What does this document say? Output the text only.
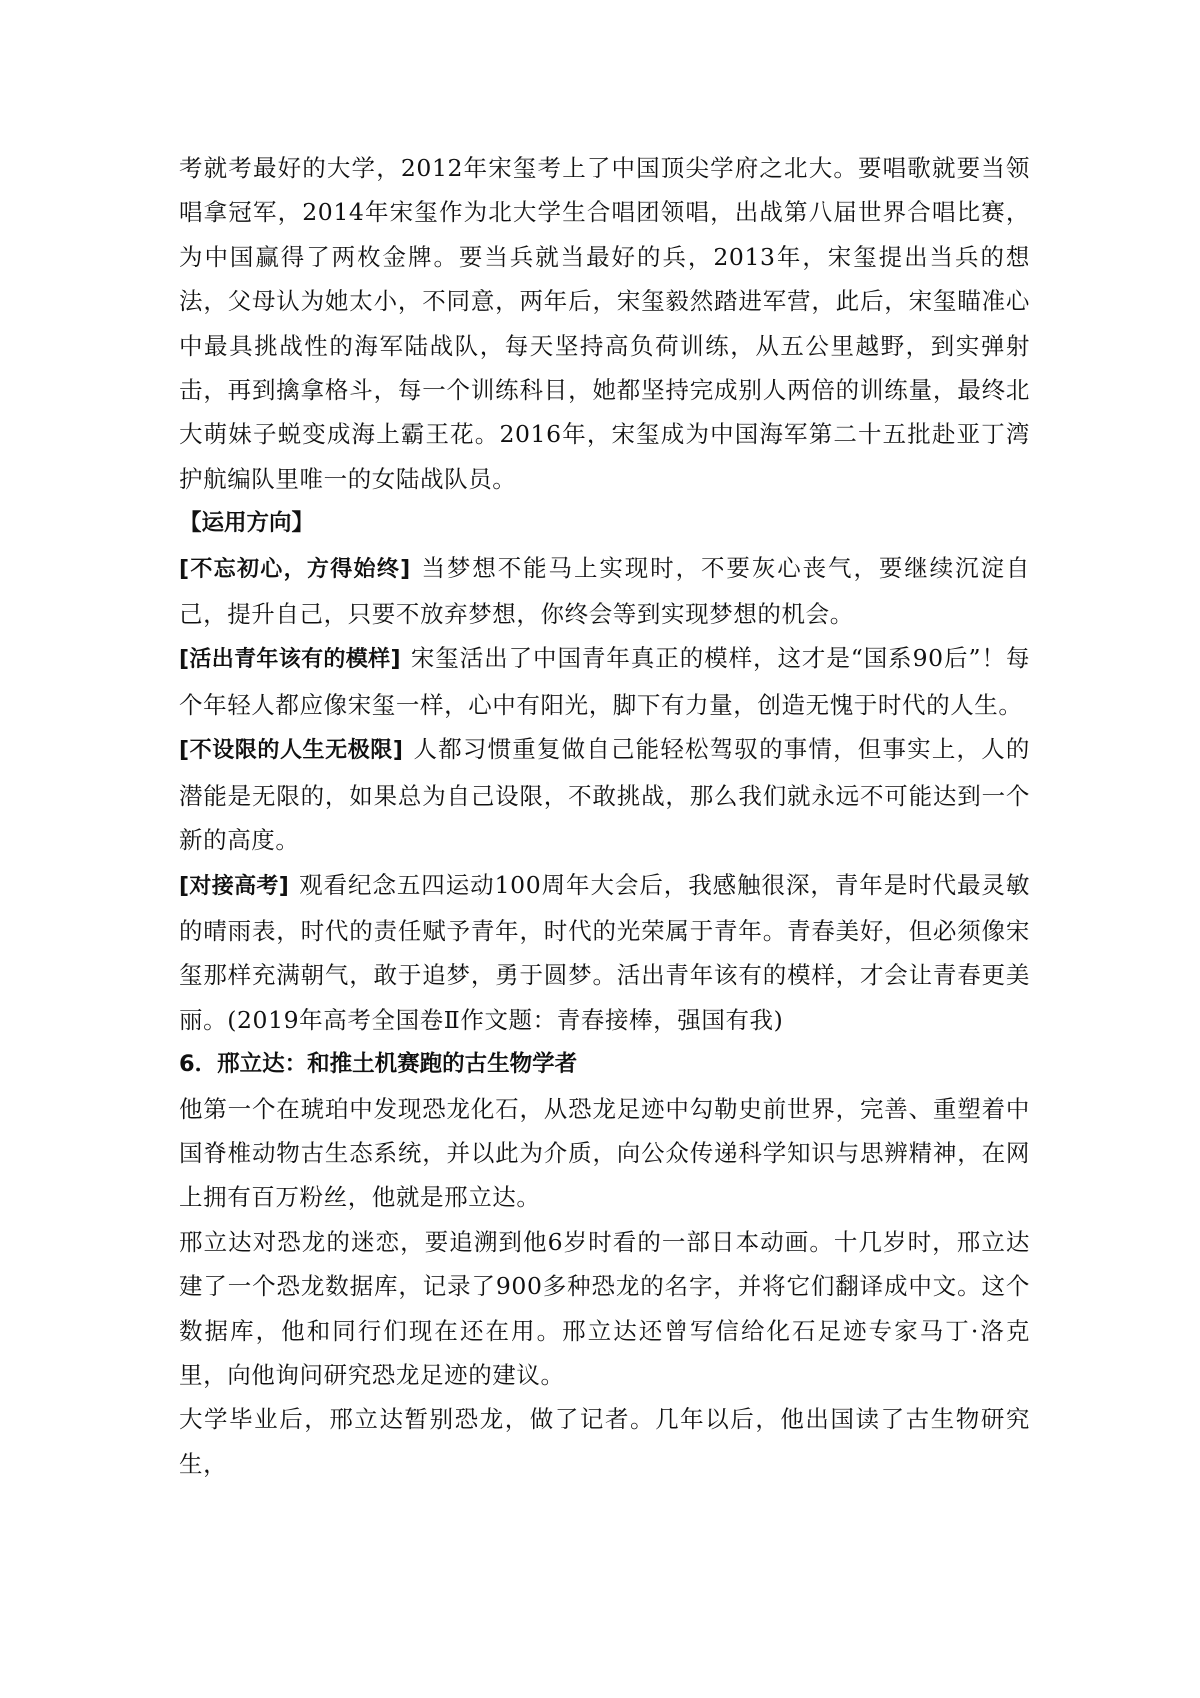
考就考最好的大学，2012年宋玺考上了中国顶尖学府之北大。要唱歌就要当领唱拿冠军，2014年宋玺作为北大学生合唱团领唱，出战第八届世界合唱比赛，为中国赢得了两枚金牌。要当兵就当最好的兵，2013年，宋玺提出当兵的想法，父母认为她太小，不同意，两年后，宋玺毅然踏进军营，此后，宋玺瞄准心中最具挑战性的海军陆战队，每天坚持高负荷训练，从五公里越野，到实弹射击，再到擒拿格斗，每一个训练科目，她都坚持完成别人两倍的训练量，最终北大萌妹子蜕变成海上霸王花。2016年，宋玺成为中国海军第二十五批赴亚丁湾护航编队里唯一的女陆战队员。

【运用方向】

[不忘初心，方得始终] 当梦想不能马上实现时，不要灰心丧气，要继续沉淀自己，提升自己，只要不放弃梦想，你终会等到实现梦想的机会。

[活出青年该有的模样] 宋玺活出了中国青年真正的模样，这才是“国系90后”！每个年轻人都应像宋玺一样，心中有阳光，脚下有力量，创造无愧于时代的人生。

[不设限的人生无极限] 人都习惯重复做自己能轻松驾驭的事情，但事实上，人的潜能是无限的，如果总为自己设限，不敢挑战，那么我们就永远不可能达到一个新的高度。

[对接高考] 观看纪念五四运动100周年大会后，我感触很深，青年是时代最灵敏的晴雨表，时代的责任赋予青年，时代的光荣属于青年。青春美好，但必须像宋玺那样充满朝气，敢于追梦，勇于圆梦。活出青年该有的模样，才会让青春更美丽。(2019年高考全国卷Ⅱ作文题：青春接棒，强国有我)

6．邢立达：和推土机赛跑的古生物学者

他第一个在琥珀中发现恐龙化石，从恐龙足迹中勾勒史前世界，完善、重塑着中国脊椎动物古生态系统，并以此为介质，向公众传递科学知识与思辨精神，在网上拥有百万粉丝，他就是邢立达。

邢立达对恐龙的迷恋，要追溯到他6岁时看的一部日本动画。十几岁时，邢立达建了一个恐龙数据库，记录了900多种恐龙的名字，并将它们翻译成中文。这个数据库，他和同行们现在还在用。邢立达还曾写信给化石足迹专家马丁·洛克里，向他询问研究恐龙足迹的建议。

大学毕业后，邢立达暂别恐龙，做了记者。几年以后，他出国读了古生物研究生，
